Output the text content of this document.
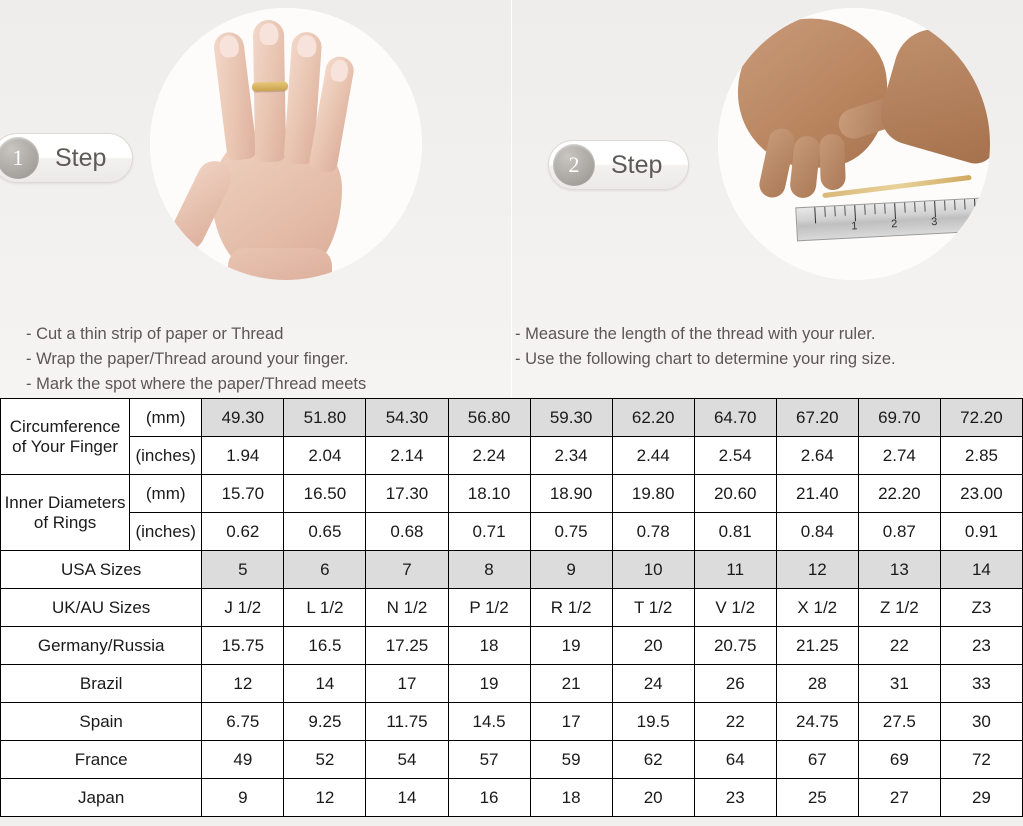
1	Step
- Cut a thin strip of paper or Thread
- Wrap the paper/Thread around your finger.
- Mark the spot where the paper/Thread meets
1	2	3	4
2	Step
- Measure the length of the thread with your ruler.
- Use the following chart to determine your ring size.
Circumference
of Your Finger	(mm)	49.30	51.80	54.30	56.80	59.30	62.20	64.70	67.20	69.70	72.20
	(inches)	1.94	2.04	2.14	2.24	2.34	2.44	2.54	2.64	2.74	2.85
Inner Diameters
of Rings	(mm)	15.70	16.50	17.30	18.10	18.90	19.80	20.60	21.40	22.20	23.00
	(inches)	0.62	0.65	0.68	0.71	0.75	0.78	0.81	0.84	0.87	0.91
USA Sizes		5	6	7	8	9	10	11	12	13	14
UK/AU Sizes		J 1/2	L 1/2	N 1/2	P 1/2	R 1/2	T 1/2	V 1/2	X 1/2	Z 1/2	Z3
Germany/Russia		15.75	16.5	17.25	18	19	20	20.75	21.25	22	23
Brazil		12	14	17	19	21	24	26	28	31	33
Spain		6.75	9.25	11.75	14.5	17	19.5	22	24.75	27.5	30
France		49	52	54	57	59	62	64	67	69	72
Japan		9	12	14	16	18	20	23	25	27	29
